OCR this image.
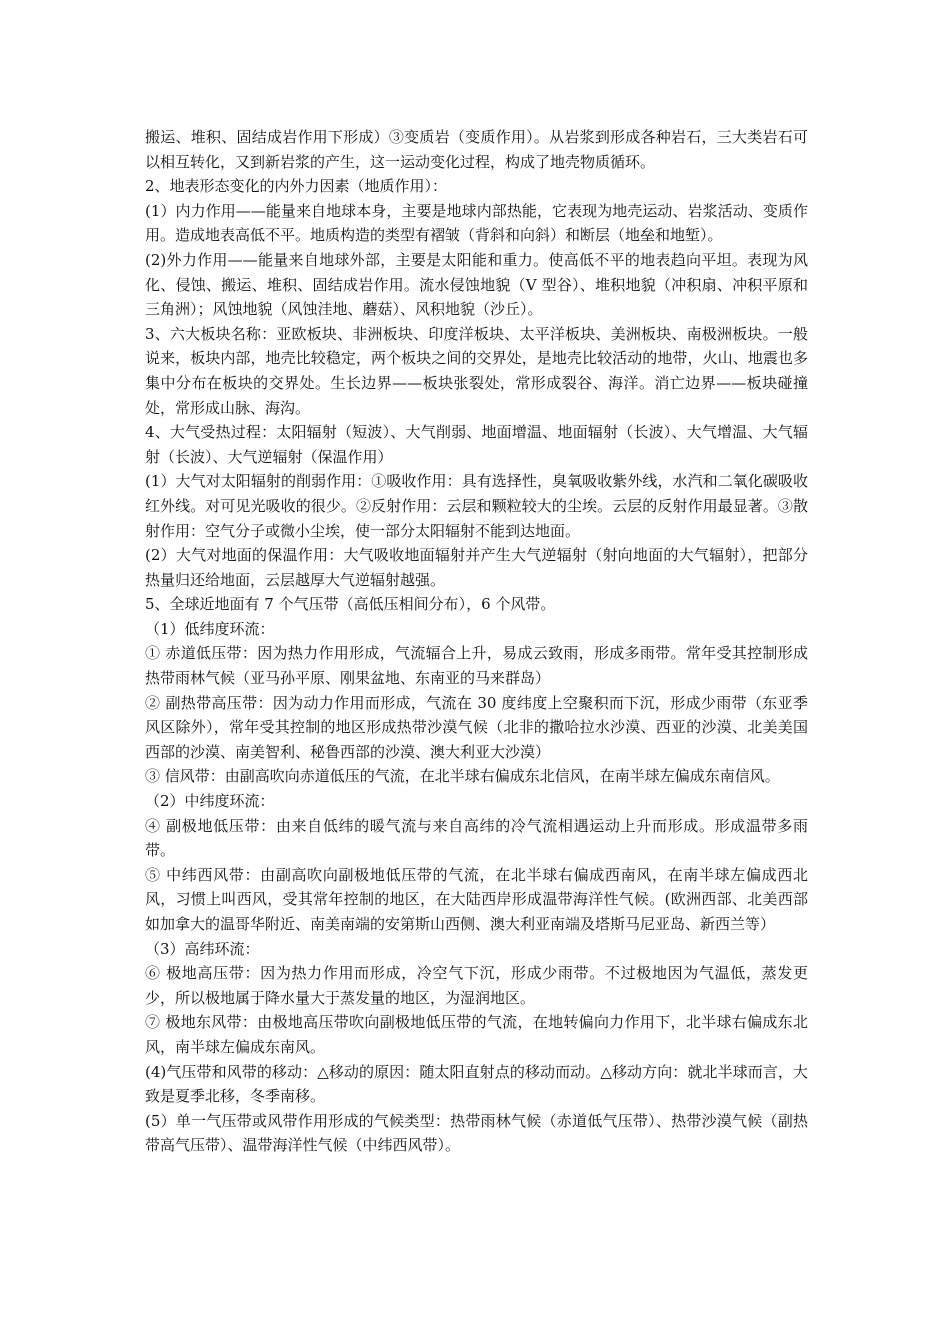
搬运、堆积、固结成岩作用下形成）③变质岩（变质作用）。从岩浆到形成各种岩石，三大类岩石可以相互转化，又到新岩浆的产生，这一运动变化过程，构成了地壳物质循环。

2、地表形态变化的内外力因素（地质作用）：

(1）内力作用——能量来自地球本身，主要是地球内部热能，它表现为地壳运动、岩浆活动、变质作用。造成地表高低不平。地质构造的类型有褶皱（背斜和向斜）和断层（地垒和地堑）。

(2)外力作用——能量来自地球外部，主要是太阳能和重力。使高低不平的地表趋向平坦。表现为风化、侵蚀、搬运、堆积、固结成岩作用。流水侵蚀地貌（V 型谷）、堆积地貌（冲积扇、冲积平原和三角洲）；风蚀地貌（风蚀洼地、蘑菇）、风积地貌（沙丘）。

3、六大板块名称：亚欧板块、非洲板块、印度洋板块、太平洋板块、美洲板块、南极洲板块。一般说来，板块内部，地壳比较稳定，两个板块之间的交界处，是地壳比较活动的地带，火山、地震也多集中分布在板块的交界处。生长边界——板块张裂处，常形成裂谷、海洋。消亡边界——板块碰撞处，常形成山脉、海沟。

4、大气受热过程：太阳辐射（短波）、大气削弱、地面增温、地面辐射（长波）、大气增温、大气辐射（长波）、大气逆辐射（保温作用）

(1）大气对太阳辐射的削弱作用：①吸收作用：具有选择性，臭氧吸收紫外线，水汽和二氧化碳吸收红外线。对可见光吸收的很少。②反射作用：云层和颗粒较大的尘埃。云层的反射作用最显著。③散射作用：空气分子或微小尘埃，使一部分太阳辐射不能到达地面。

(2）大气对地面的保温作用：大气吸收地面辐射并产生大气逆辐射（射向地面的大气辐射），把部分热量归还给地面，云层越厚大气逆辐射越强。

5、全球近地面有 7 个气压带（高低压相间分布），6 个风带。

（1）低纬度环流：

① 赤道低压带：因为热力作用形成，气流辐合上升，易成云致雨，形成多雨带。常年受其控制形成热带雨林气候（亚马孙平原、刚果盆地、东南亚的马来群岛）

② 副热带高压带：因为动力作用而形成，气流在 30 度纬度上空聚积而下沉，形成少雨带（东亚季风区除外），常年受其控制的地区形成热带沙漠气候（北非的撒哈拉水沙漠、西亚的沙漠、北美美国西部的沙漠、南美智利、秘鲁西部的沙漠、澳大利亚大沙漠）

③ 信风带：由副高吹向赤道低压的气流，在北半球右偏成东北信风，在南半球左偏成东南信风。

（2）中纬度环流：

④ 副极地低压带：由来自低纬的暖气流与来自高纬的冷气流相遇运动上升而形成。形成温带多雨带。

⑤ 中纬西风带：由副高吹向副极地低压带的气流，在北半球右偏成西南风，在南半球左偏成西北风，习惯上叫西风，受其常年控制的地区，在大陆西岸形成温带海洋性气候。(欧洲西部、北美西部如加拿大的温哥华附近、南美南端的安第斯山西侧、澳大利亚南端及塔斯马尼亚岛、新西兰等）

（3）高纬环流：

⑥ 极地高压带：因为热力作用而形成，冷空气下沉，形成少雨带。不过极地因为气温低，蒸发更少，所以极地属于降水量大于蒸发量的地区，为湿润地区。

⑦ 极地东风带：由极地高压带吹向副极地低压带的气流，在地转偏向力作用下，北半球右偏成东北风，南半球左偏成东南风。

(4)气压带和风带的移动：△移动的原因：随太阳直射点的移动而动。△移动方向：就北半球而言，大致是夏季北移，冬季南移。

(5）单一气压带或风带作用形成的气候类型：热带雨林气候（赤道低气压带）、热带沙漠气候（副热带高气压带）、温带海洋性气候（中纬西风带）。
